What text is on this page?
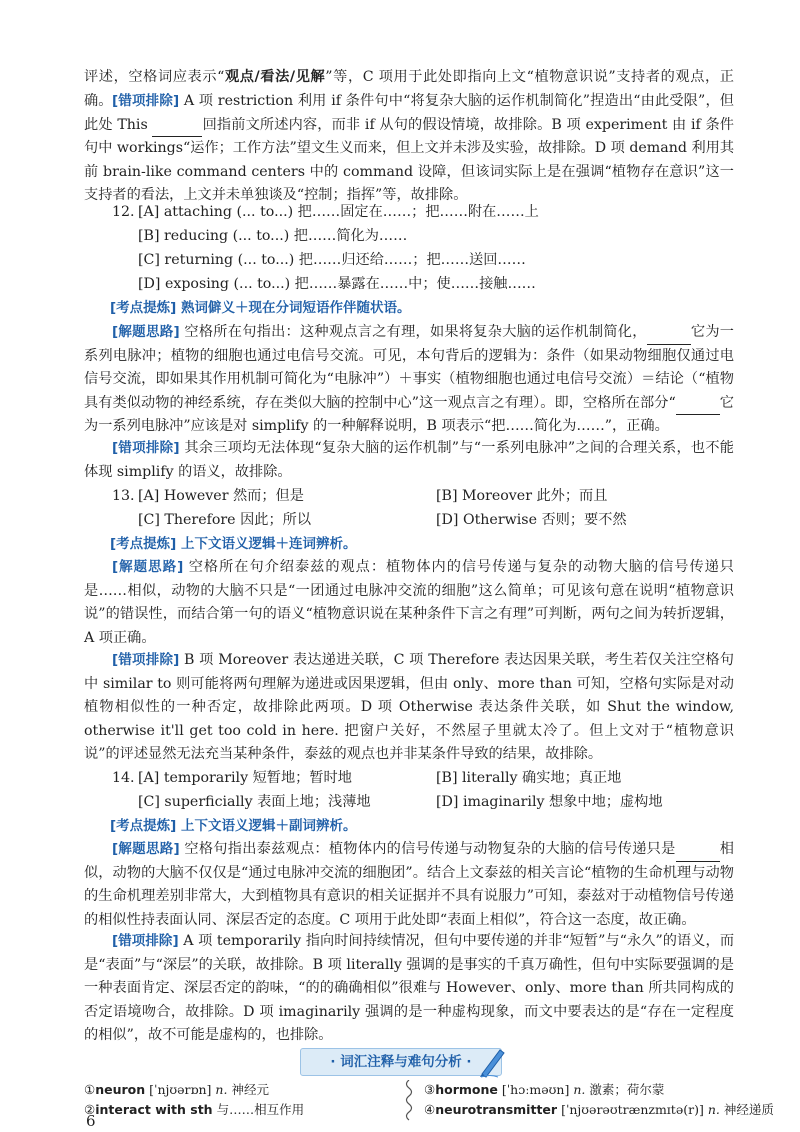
评述，空格词应表示“观点/看法/见解”等，C 项用于此处即指向上文“植物意识说”支持者的观点，正确。 [错项排除] A 项 restriction 利用 if 条件句中“将复杂大脑的运作机制简化”捏造出“由此受限”，但此处 This	回指前文所述内容，而非 if 从句的假设情境，故排除。B 项 experiment 由 if 条件句中 workings“运作；工作方法”望文生义而来，但上文并未涉及实验，故排除。D 项 demand 利用其前 brain-like command centers 中的 command 设障，但该词实际上是在强调“植物存在意识”这一支持者的看法，上文并未单独谈及“控制；指挥”等，故排除。

12. [A] attaching (... to...) 把……固定在……；把……附在……上
[B] reducing (... to...) 把……简化为……
[C] returning (... to...) 把……归还给……；把……送回……
[D] exposing (... to...) 把……暴露在……中；使……接触……
[考点提炼] 熟词僻义＋现在分词短语作伴随状语。

[解题思路] 空格所在句指出：这种观点言之有理，如果将复杂大脑的运作机制简化，	它为一系列电脉冲；植物的细胞也通过电信号交流。可见，本句背后的逻辑为：条件（如果动物细胞仅通过电信号交流，即如果其作用机制可简化为“电脉冲”）＋事实（植物细胞也通过电信号交流）＝结论（“植物具有类似动物的神经系统，存在类似大脑的控制中心”这一观点言之有理）。即，空格所在部分“	它为一系列电脉冲”应该是对 simplify 的一种解释说明，B 项表示“把……简化为……”，正确。

[错项排除] 其余三项均无法体现“复杂大脑的运作机制”与“一系列电脉冲”之间的合理关系，也不能体现 simplify 的语义，故排除。

13. [A] However 然而；但是	[B] Moreover 此外；而且
[C] Therefore 因此；所以	[D] Otherwise 否则；要不然
[考点提炼] 上下文语义逻辑＋连词辨析。

[解题思路] 空格所在句介绍泰兹的观点：植物体内的信号传递与复杂的动物大脑的信号传递只是……相似，动物的大脑不只是“一团通过电脉冲交流的细胞”这么简单；可见该句意在说明“植物意识说”的错误性，而结合第一句的语义“植物意识说在某种条件下言之有理”可判断，两句之间为转折逻辑，A 项正确。

[错项排除] B 项 Moreover 表达递进关联，C 项 Therefore 表达因果关联，考生若仅关注空格句中 similar to 则可能将两句理解为递进或因果逻辑，但由 only、more than 可知，空格句实际是对动植物相似性的一种否定，故排除此两项。D 项 Otherwise 表达条件关联，如 Shut the window, otherwise it'll get too cold in here. 把窗户关好，不然屋子里就太冷了。但上文对于“植物意识说”的评述显然无法充当某种条件，泰兹的观点也并非某条件导致的结果，故排除。

14. [A] temporarily 短暂地；暂时地	[B] literally 确实地；真正地
[C] superficially 表面上地；浅薄地	[D] imaginarily 想象中地；虚构地
[考点提炼] 上下文语义逻辑＋副词辨析。

[解题思路] 空格句指出泰兹观点：植物体内的信号传递与动物复杂的大脑的信号传递只是	相似，动物的大脑不仅仅是“通过电脉冲交流的细胞团”。结合上文泰兹的相关言论“植物的生命机理与动物的生命机理差别非常大，大到植物具有意识的相关证据并不具有说服力”可知，泰兹对于动植物信号传递的相似性持表面认同、深层否定的态度。C 项用于此处即“表面上相似”，符合这一态度，故正确。

[错项排除] A 项 temporarily 指向时间持续情况，但句中要传递的并非“短暂”与“永久”的语义，而是“表面”与“深层”的关联，故排除。B 项 literally 强调的是事实的千真万确性，但句中实际要强调的是一种表面肯定、深层否定的韵味，“的的确确相似”很难与 However、only、more than 所共同构成的否定语境吻合，故排除。D 项 imaginarily 强调的是一种虚构现象，而文中要表达的是“存在一定程度的相似”，故不可能是虚构的，也排除。

· 词汇注释与难句分析 ·
①neuron [ˈnjʊərɒn] n. 神经元
②interact with sth 与……相互作用
③hormone [ˈhɔːməʊn] n. 激素；荷尔蒙
④neurotransmitter [ˈnjʊərəʊtrænzmɪtə(r)] n. 神经递质
6
